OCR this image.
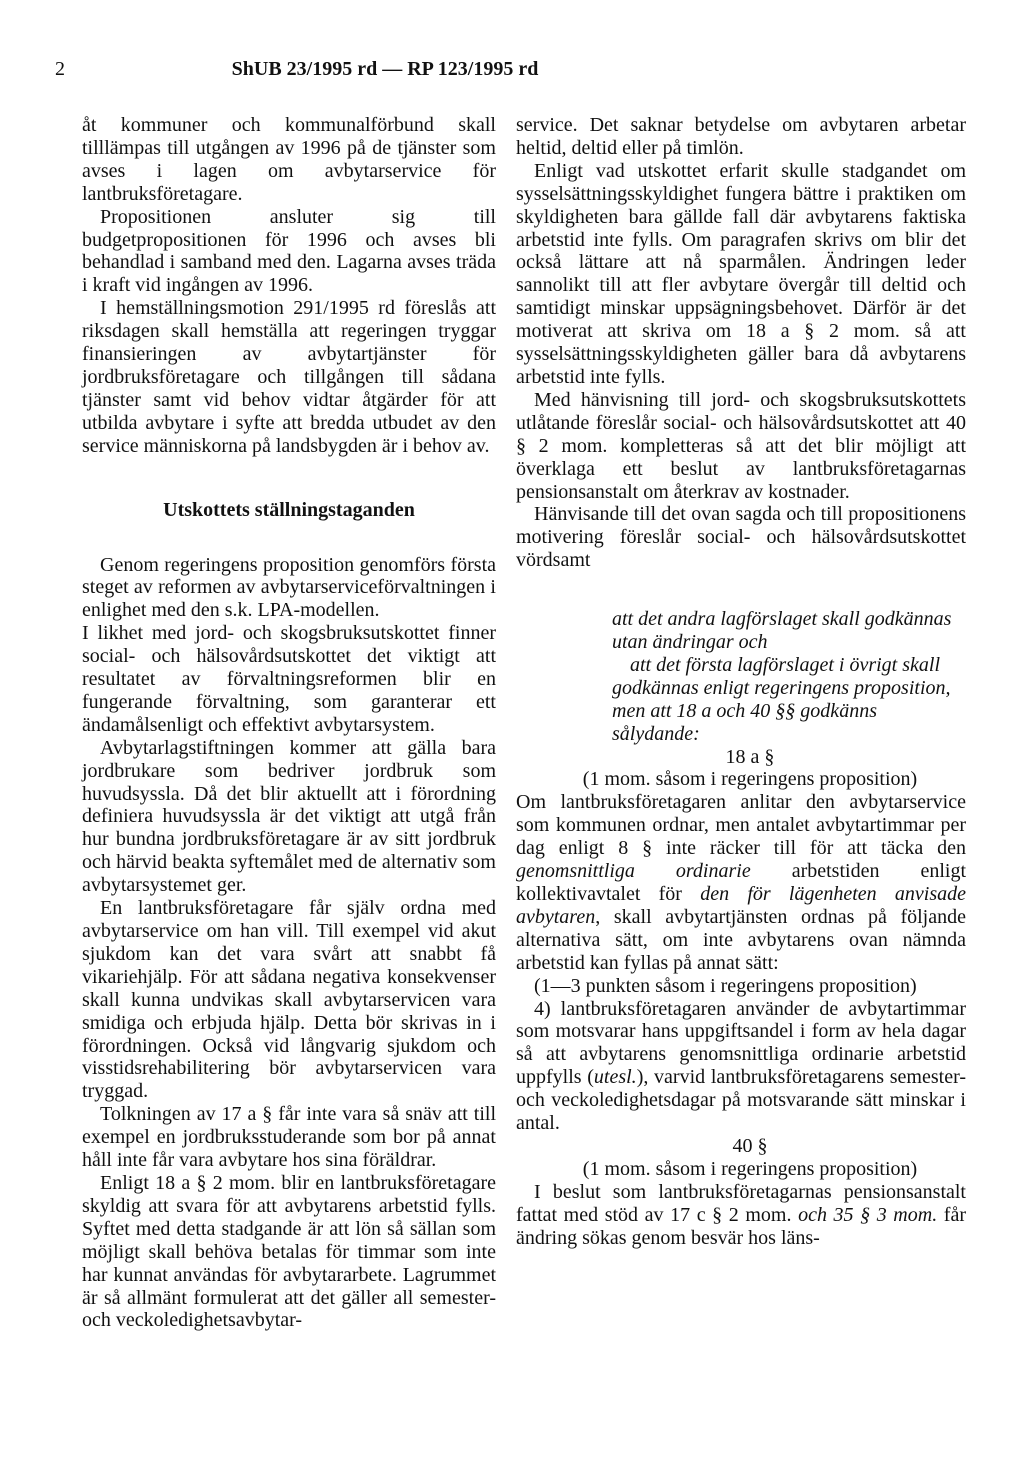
2	ShUB 23/1995 rd — RP 123/1995 rd

åt kommuner och kommunalförbund skall tilllämpas till utgången av 1996 på de tjänster som avses i lagen om avbytarservice för lantbruksföretagare.

Propositionen ansluter sig till budgetpropositionen för 1996 och avses bli behandlad i samband med den. Lagarna avses träda i kraft vid ingången av 1996.

I hemställningsmotion 291/1995 rd föreslås att riksdagen skall hemställa att regeringen tryggar finansieringen av avbytartjänster för jordbruksföretagare och tillgången till sådana tjänster samt vid behov vidtar åtgärder för att utbilda avbytare i syfte att bredda utbudet av den service människorna på landsbygden är i behov av.

Utskottets ställningstaganden

Genom regeringens proposition genomförs första steget av reformen av avbytarserviceförvaltningen i enlighet med den s.k. LPA-modellen.

I likhet med jord- och skogsbruksutskottet finner social- och hälsovårdsutskottet det viktigt att resultatet av förvaltningsreformen blir en fungerande förvaltning, som garanterar ett ändamålsenligt och effektivt avbytarsystem.

Avbytarlagstiftningen kommer att gälla bara jordbrukare som bedriver jordbruk som huvudsyssla. Då det blir aktuellt att i förordning definiera huvudsyssla är det viktigt att utgå från hur bundna jordbruksföretagare är av sitt jordbruk och härvid beakta syftemålet med de alternativ som avbytarsystemet ger.

En lantbruksföretagare får själv ordna med avbytarservice om han vill. Till exempel vid akut sjukdom kan det vara svårt att snabbt få vikariehjälp. För att sådana negativa konsekvenser skall kunna undvikas skall avbytarservicen vara smidiga och erbjuda hjälp. Detta bör skrivas in i förordningen. Också vid långvarig sjukdom och visstidsrehabilitering bör avbytarservicen vara tryggad.

Tolkningen av 17 a § får inte vara så snäv att till exempel en jordbruksstuderande som bor på annat håll inte får vara avbytare hos sina föräldrar.

Enligt 18 a § 2 mom. blir en lantbruksföretagare skyldig att svara för att avbytarens arbetstid fylls. Syftet med detta stadgande är att lön så sällan som möjligt skall behöva betalas för timmar som inte har kunnat användas för avbytararbete. Lagrummet är så allmänt formulerat att det gäller all semester- och veckoledighetsavbytar-

service. Det saknar betydelse om avbytaren arbetar heltid, deltid eller på timlön.

Enligt vad utskottet erfarit skulle stadgandet om sysselsättningsskyldighet fungera bättre i praktiken om skyldigheten bara gällde fall där avbytarens faktiska arbetstid inte fylls. Om paragrafen skrivs om blir det också lättare att nå sparmålen. Ändringen leder sannolikt till att fler avbytare övergår till deltid och samtidigt minskar uppsägningsbehovet. Därför är det motiverat att skriva om 18 a § 2 mom. så att sysselsättningsskyldigheten gäller bara då avbytarens arbetstid inte fylls.

Med hänvisning till jord- och skogsbruksutskottets utlåtande föreslår social- och hälsovårdsutskottet att 40 § 2 mom. kompletteras så att det blir möjligt att överklaga ett beslut av lantbruksföretagarnas pensionsanstalt om återkrav av kostnader.

Hänvisande till det ovan sagda och till propositionens motivering föreslår social- och hälsovårdsutskottet vördsamt

att det andra lagförslaget skall godkännas utan ändringar och

att det första lagförslaget i övrigt skall godkännas enligt regeringens proposition, men att 18 a och 40 §§ godkänns sålydande:

18 a §

(1 mom. såsom i regeringens proposition)

Om lantbruksföretagaren anlitar den avbytarservice som kommunen ordnar, men antalet avbytartimmar per dag enligt 8 § inte räcker till för att täcka den genomsnittliga ordinarie arbetstiden enligt kollektivavtalet för den för lägenheten anvisade avbytaren, skall avbytartjänsten ordnas på följande alternativa sätt, om inte avbytarens ovan nämnda arbetstid kan fyllas på annat sätt:

(1—3 punkten såsom i regeringens proposition)

4) lantbruksföretagaren använder de avbytartimmar som motsvarar hans uppgiftsandel i form av hela dagar så att avbytarens genomsnittliga ordinarie arbetstid uppfylls (utesl.), varvid lantbruksföretagarens semester- och veckoledighetsdagar på motsvarande sätt minskar i antal.

40 §

(1 mom. såsom i regeringens proposition)

I beslut som lantbruksföretagarnas pensionsanstalt fattat med stöd av 17 c § 2 mom. och 35 § 3 mom. får ändring sökas genom besvär hos läns-
